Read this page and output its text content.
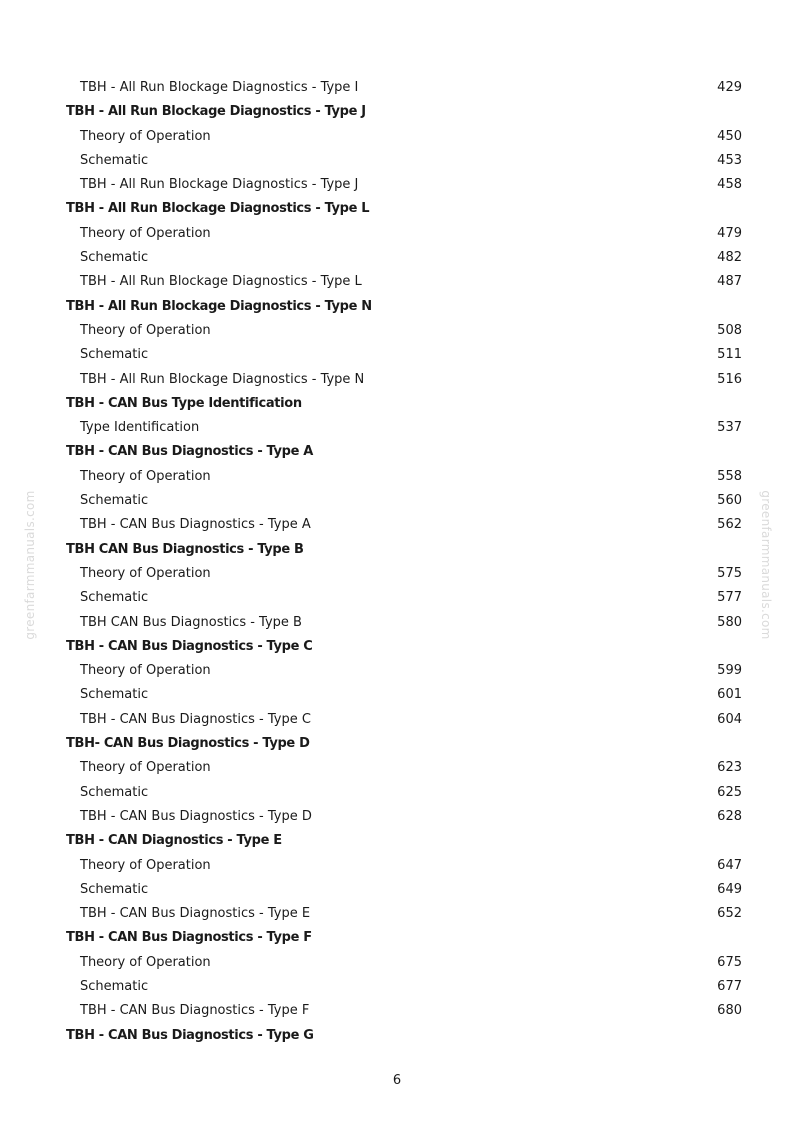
greenfarmmanuals.com	greenfarmmanuals.com
TBH - All Run Blockage Diagnostics - Type I	429
TBH - All Run Blockage Diagnostics - Type J
Theory of Operation	450
Schematic	453
TBH - All Run Blockage Diagnostics - Type J	458
TBH - All Run Blockage Diagnostics - Type L
Theory of Operation	479
Schematic	482
TBH - All Run Blockage Diagnostics - Type L	487
TBH - All Run Blockage Diagnostics - Type N
Theory of Operation	508
Schematic	511
TBH - All Run Blockage Diagnostics - Type N	516
TBH - CAN Bus Type Identification
Type Identification	537
TBH - CAN Bus Diagnostics - Type A
Theory of Operation	558
Schematic	560
TBH - CAN Bus Diagnostics - Type A	562
TBH CAN Bus Diagnostics - Type B
Theory of Operation	575
Schematic	577
TBH CAN Bus Diagnostics - Type B	580
TBH - CAN Bus Diagnostics - Type C
Theory of Operation	599
Schematic	601
TBH - CAN Bus Diagnostics - Type C	604
TBH- CAN Bus Diagnostics - Type D
Theory of Operation	623
Schematic	625
TBH - CAN Bus Diagnostics - Type D	628
TBH - CAN Diagnostics - Type E
Theory of Operation	647
Schematic	649
TBH - CAN Bus Diagnostics - Type E	652
TBH - CAN Bus Diagnostics - Type F
Theory of Operation	675
Schematic	677
TBH - CAN Bus Diagnostics - Type F	680
TBH - CAN Bus Diagnostics - Type G
6
